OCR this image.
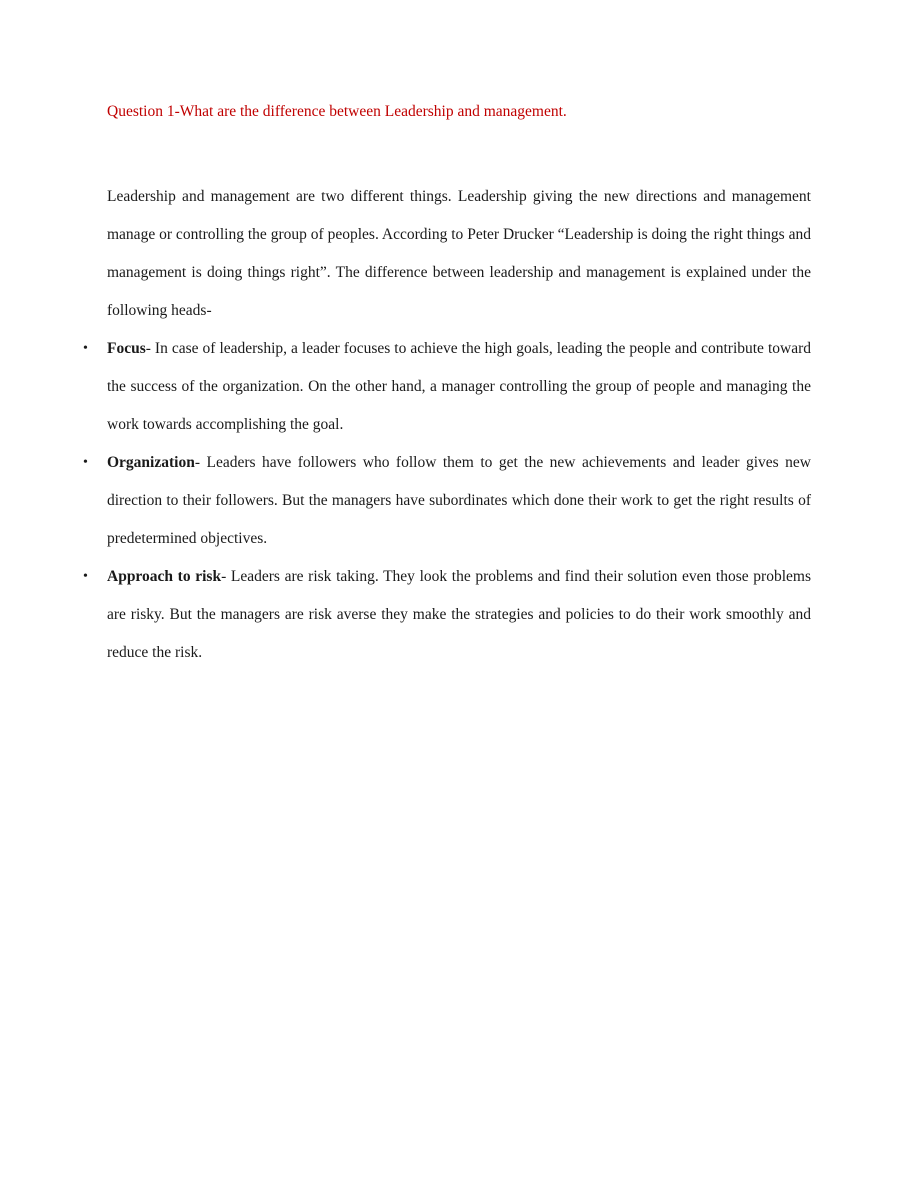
Question 1-What are the difference between Leadership and management.

Leadership and management are two different things. Leadership giving the new directions and management manage or controlling the group of peoples. According to Peter Drucker “Leadership is doing the right things and management is doing things right”. The difference between leadership and management is explained under the following heads-

• Focus- In case of leadership, a leader focuses to achieve the high goals, leading the people and contribute toward the success of the organization. On the other hand, a manager controlling the group of people and managing the work towards accomplishing the goal.
• Organization- Leaders have followers who follow them to get the new achievements and leader gives new direction to their followers. But the managers have subordinates which done their work to get the right results of predetermined objectives.
• Approach to risk- Leaders are risk taking. They look the problems and find their solution even those problems are risky. But the managers are risk averse they make the strategies and policies to do their work smoothly and reduce the risk.
